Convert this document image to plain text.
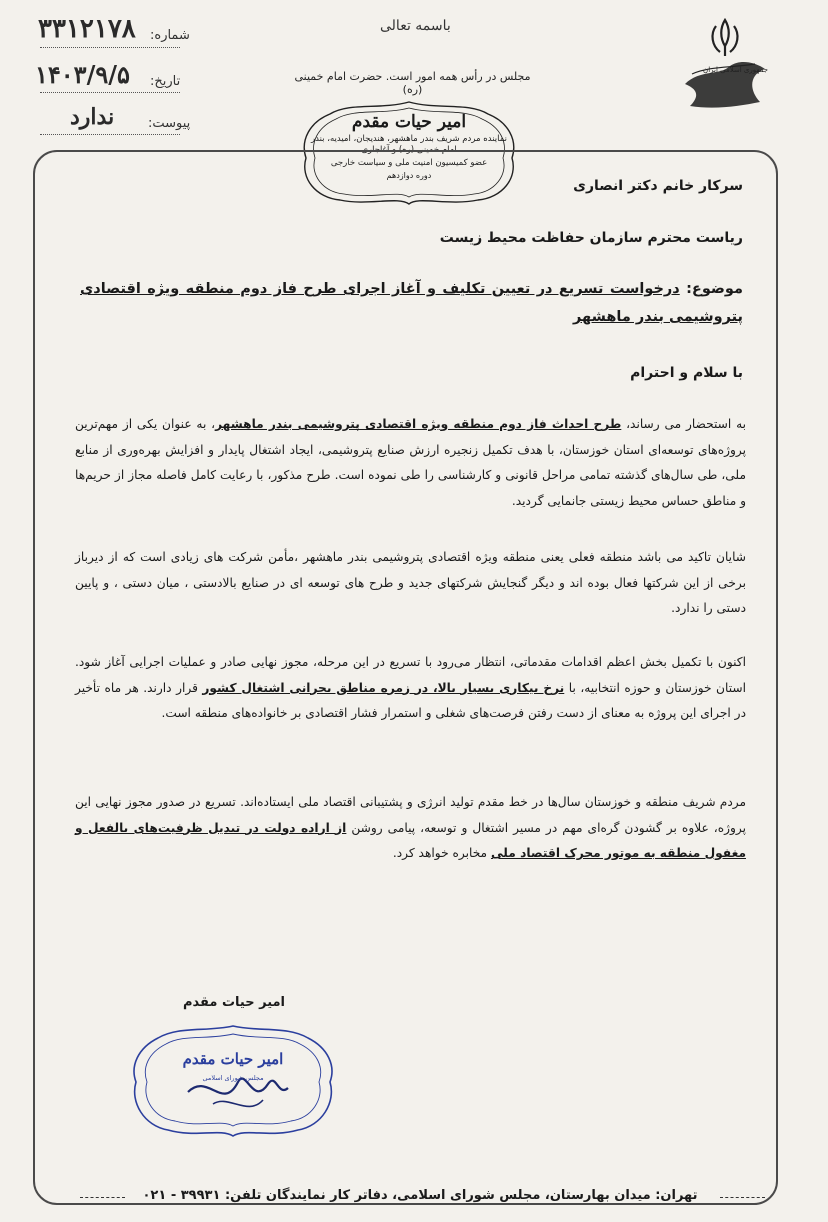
۳۳۱۲۱۷۸ شماره:
۱۴۰۳/۹/۵ تاریخ:
ندارد	پیوست:
باسمه تعالی
مجلس در رأس همه امور است. حضرت امام خمینی (ره)
جمهوری اسلامی ایران
امیر حیات مقدم
نماینده مردم شریف بندر ماهشهر، هندیجان، امیدیه، بندر امام خمینی (ره) و آغاجاری
عضو کمیسیون امنیت ملی و سیاست خارجی
دوره دوازدهم
سرکار خانم دکتر انصاری
ریاست محترم سازمان حفاظت محیط زیست
موضوع: درخواست تسریع در تعیین تکلیف و آغاز اجرای طرح فاز دوم منطقه ویژه اقتصادی پتروشیمی بندر ماهشهر
با سلام و احترام
به استحضار می رساند، طرح احداث فاز دوم منطقه ویژه اقتصادی پتروشیمی بندر ماهشهر، به عنوان یکی از مهم‌ترین پروژه‌های توسعه‌ای استان خوزستان، با هدف تکمیل زنجیره ارزش صنایع پتروشیمی، ایجاد اشتغال پایدار و افزایش بهره‌وری از منابع ملی، طی سال‌های گذشته تمامی مراحل قانونی و کارشناسی را طی نموده است. طرح مذکور، با رعایت کامل فاصله مجاز از حریم‌ها و مناطق حساس محیط زیستی جانمایی گردید.
شایان تاکید می باشد منطقه فعلی یعنی منطقه ویژه اقتصادی پتروشیمی بندر ماهشهر ،مأمن شرکت های زیادی است که از دیرباز برخی از این شرکتها فعال بوده اند و دیگر گنجایش شرکتهای جدید و طرح های توسعه ای در صنایع بالادستی ، میان دستی ، و پایین دستی را ندارد.
اکنون با تکمیل بخش اعظم اقدامات مقدماتی، انتظار می‌رود با تسریع در این مرحله، مجوز نهایی صادر و عملیات اجرایی آغاز شود. استان خوزستان و حوزه انتخابیه، با نرخ بیکاری بسیار بالا، در زمره مناطق بحرانی اشتغال کشور قرار دارند. هر ماه تأخیر در اجرای این پروژه به معنای از دست رفتن فرصت‌های شغلی و استمرار فشار اقتصادی بر خانواده‌های منطقه است.
مردم شریف منطقه و خوزستان سال‌ها در خط مقدم تولید انرژی و پشتیبانی اقتصاد ملی ایستاده‌اند. تسریع در صدور مجوز نهایی این پروژه، علاوه بر گشودن گره‌ای مهم در مسیر اشتغال و توسعه، پیامی روشن از اراده دولت در تبدیل ظرفیت‌های بالفعل و مغفول منطقه به موتور محرک اقتصاد ملی مخابره خواهد کرد.
امیر حیات مقدم
امیر حیات مقدم
مجلس شورای اسلامی
تهران: میدان بهارستان، مجلس شورای اسلامی، دفاتر کار نمایندگان تلفن: ۳۹۹۳۱ - ۰۲۱
